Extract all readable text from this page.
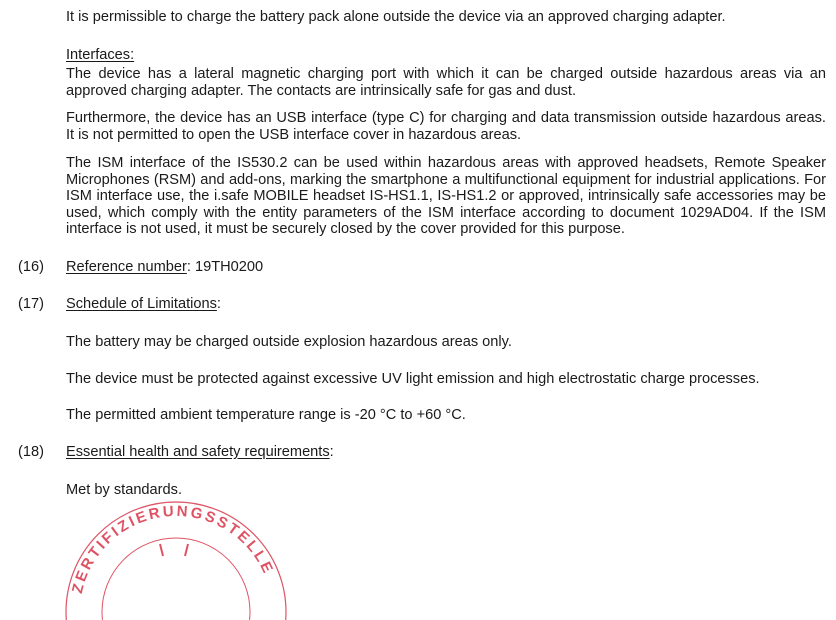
It is permissible to charge the battery pack alone outside the device via an approved charging adapter.

Interfaces:

The device has a lateral magnetic charging port with which it can be charged outside hazardous areas via an approved charging adapter. The contacts are intrinsically safe for gas and dust.

Furthermore, the device has an USB interface (type C) for charging and data transmission outside hazardous areas. It is not permitted to open the USB interface cover in hazardous areas.

The ISM interface of the IS530.2 can be used within hazardous areas with approved headsets, Remote Speaker Microphones (RSM) and add-ons, marking the smartphone a multifunctional equipment for industrial applications. For ISM interface use, the i.safe MOBILE headset IS-HS1.1, IS-HS1.2 or approved, intrinsically safe accessories may be used, which comply with the entity parameters of the ISM interface according to document 1029AD04. If the ISM interface is not used, it must be securely closed by the cover provided for this purpose.

(16) Reference number: 19TH0200

(17) Schedule of Limitations:

The battery may be charged outside explosion hazardous areas only.

The device must be protected against excessive UV light emission and high electrostatic charge processes.

The permitted ambient temperature range is -20 °C to +60 °C.

(18) Essential health and safety requirements:

Met by standards.

ZERTIFIZIERUNGSSTELLE
